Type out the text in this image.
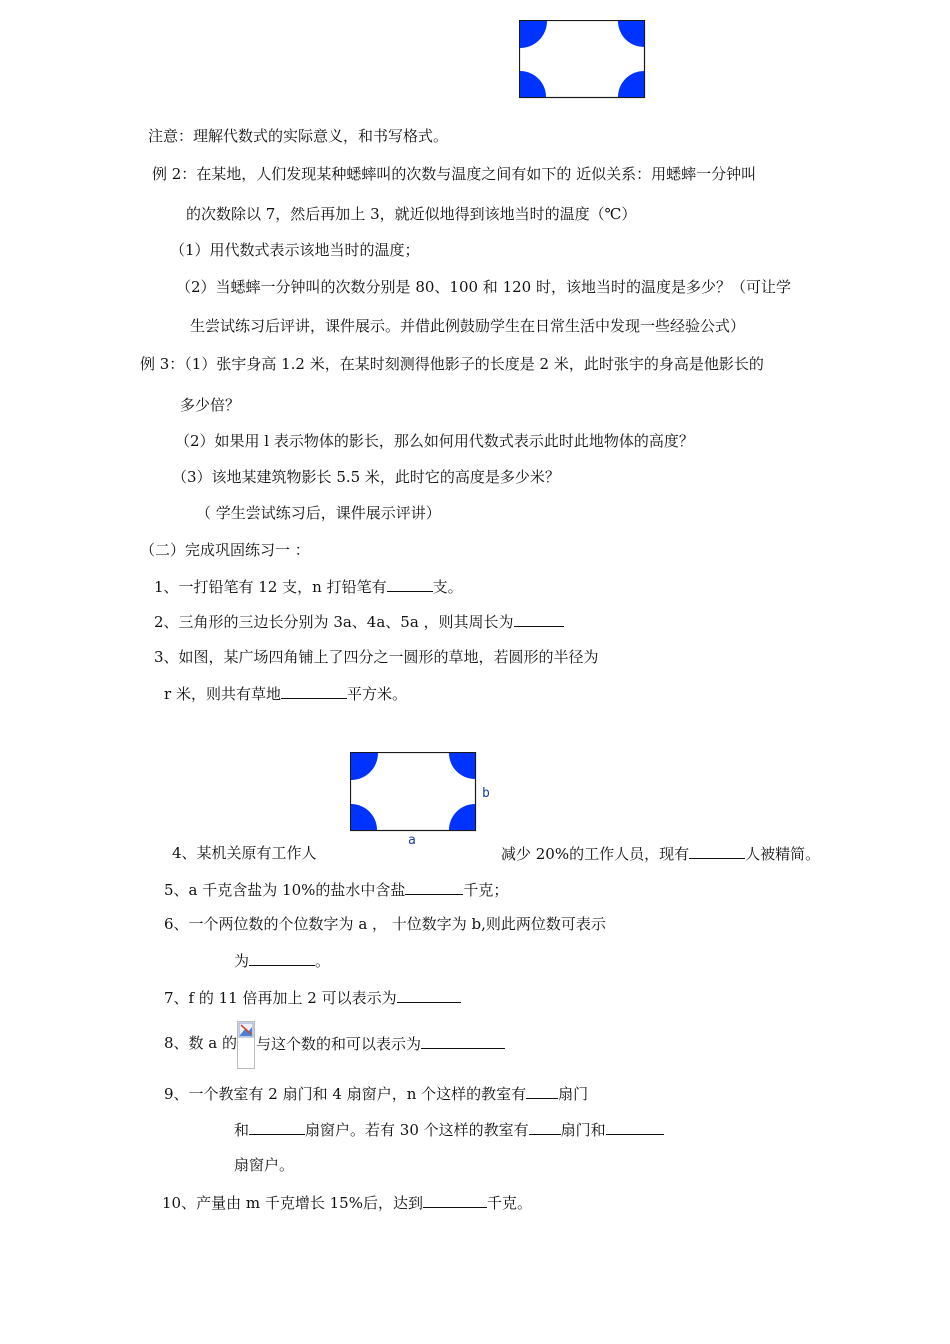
注意：理解代数式的实际意义，和书写格式。
例 2：在某地，人们发现某种蟋蟀叫的次数与温度之间有如下的 近似关系：用蟋蟀一分钟叫
的次数除以 7，然后再加上 3，就近似地得到该地当时的温度（℃）
（1）用代数式表示该地当时的温度；
（2）当蟋蟀一分钟叫的次数分别是 80、100 和 120 时，该地当时的温度是多少？（可让学
生尝试练习后评讲，课件展示。并借此例鼓励学生在日常生活中发现一些经验公式）
例 3：（1）张宇身高 1.2 米，在某时刻测得他影子的长度是 2 米，此时张宇的身高是他影长的
多少倍？
（2）如果用 l 表示物体的影长，那么如何用代数式表示此时此地物体的高度？
（3）该地某建筑物影长 5.5 米，此时它的高度是多少米？
（ 学生尝试练习后，课件展示评讲）
（二）完成巩固练习一 ：
1、一打铅笔有 12 支，n 打铅笔有	支。
2、三角形的三边长分别为 3a、4a、5a ，则其周长为
3、如图，某广场四角铺上了四分之一圆形的草地，若圆形的半径为
r 米，则共有草地	平方米。
b
a
4、某机关原有工作人	减少 20%的工作人员，现有	人被精简。
5、a 千克含盐为 10%的盐水中含盐	千克；
6、一个两位数的个位数字为 a ， 十位数字为 b,则此两位数可表示
为	。
7、f 的 11 倍再加上 2 可以表示为
8、数 a 的 与这个数的和可以表示为
9、一个教室有 2 扇门和 4 扇窗户，n 个这样的教室有 扇门
和	扇窗户。若有 30 个这样的教室有 扇门和
扇窗户。
10、产量由 m 千克增长 15%后，达到	千克。
